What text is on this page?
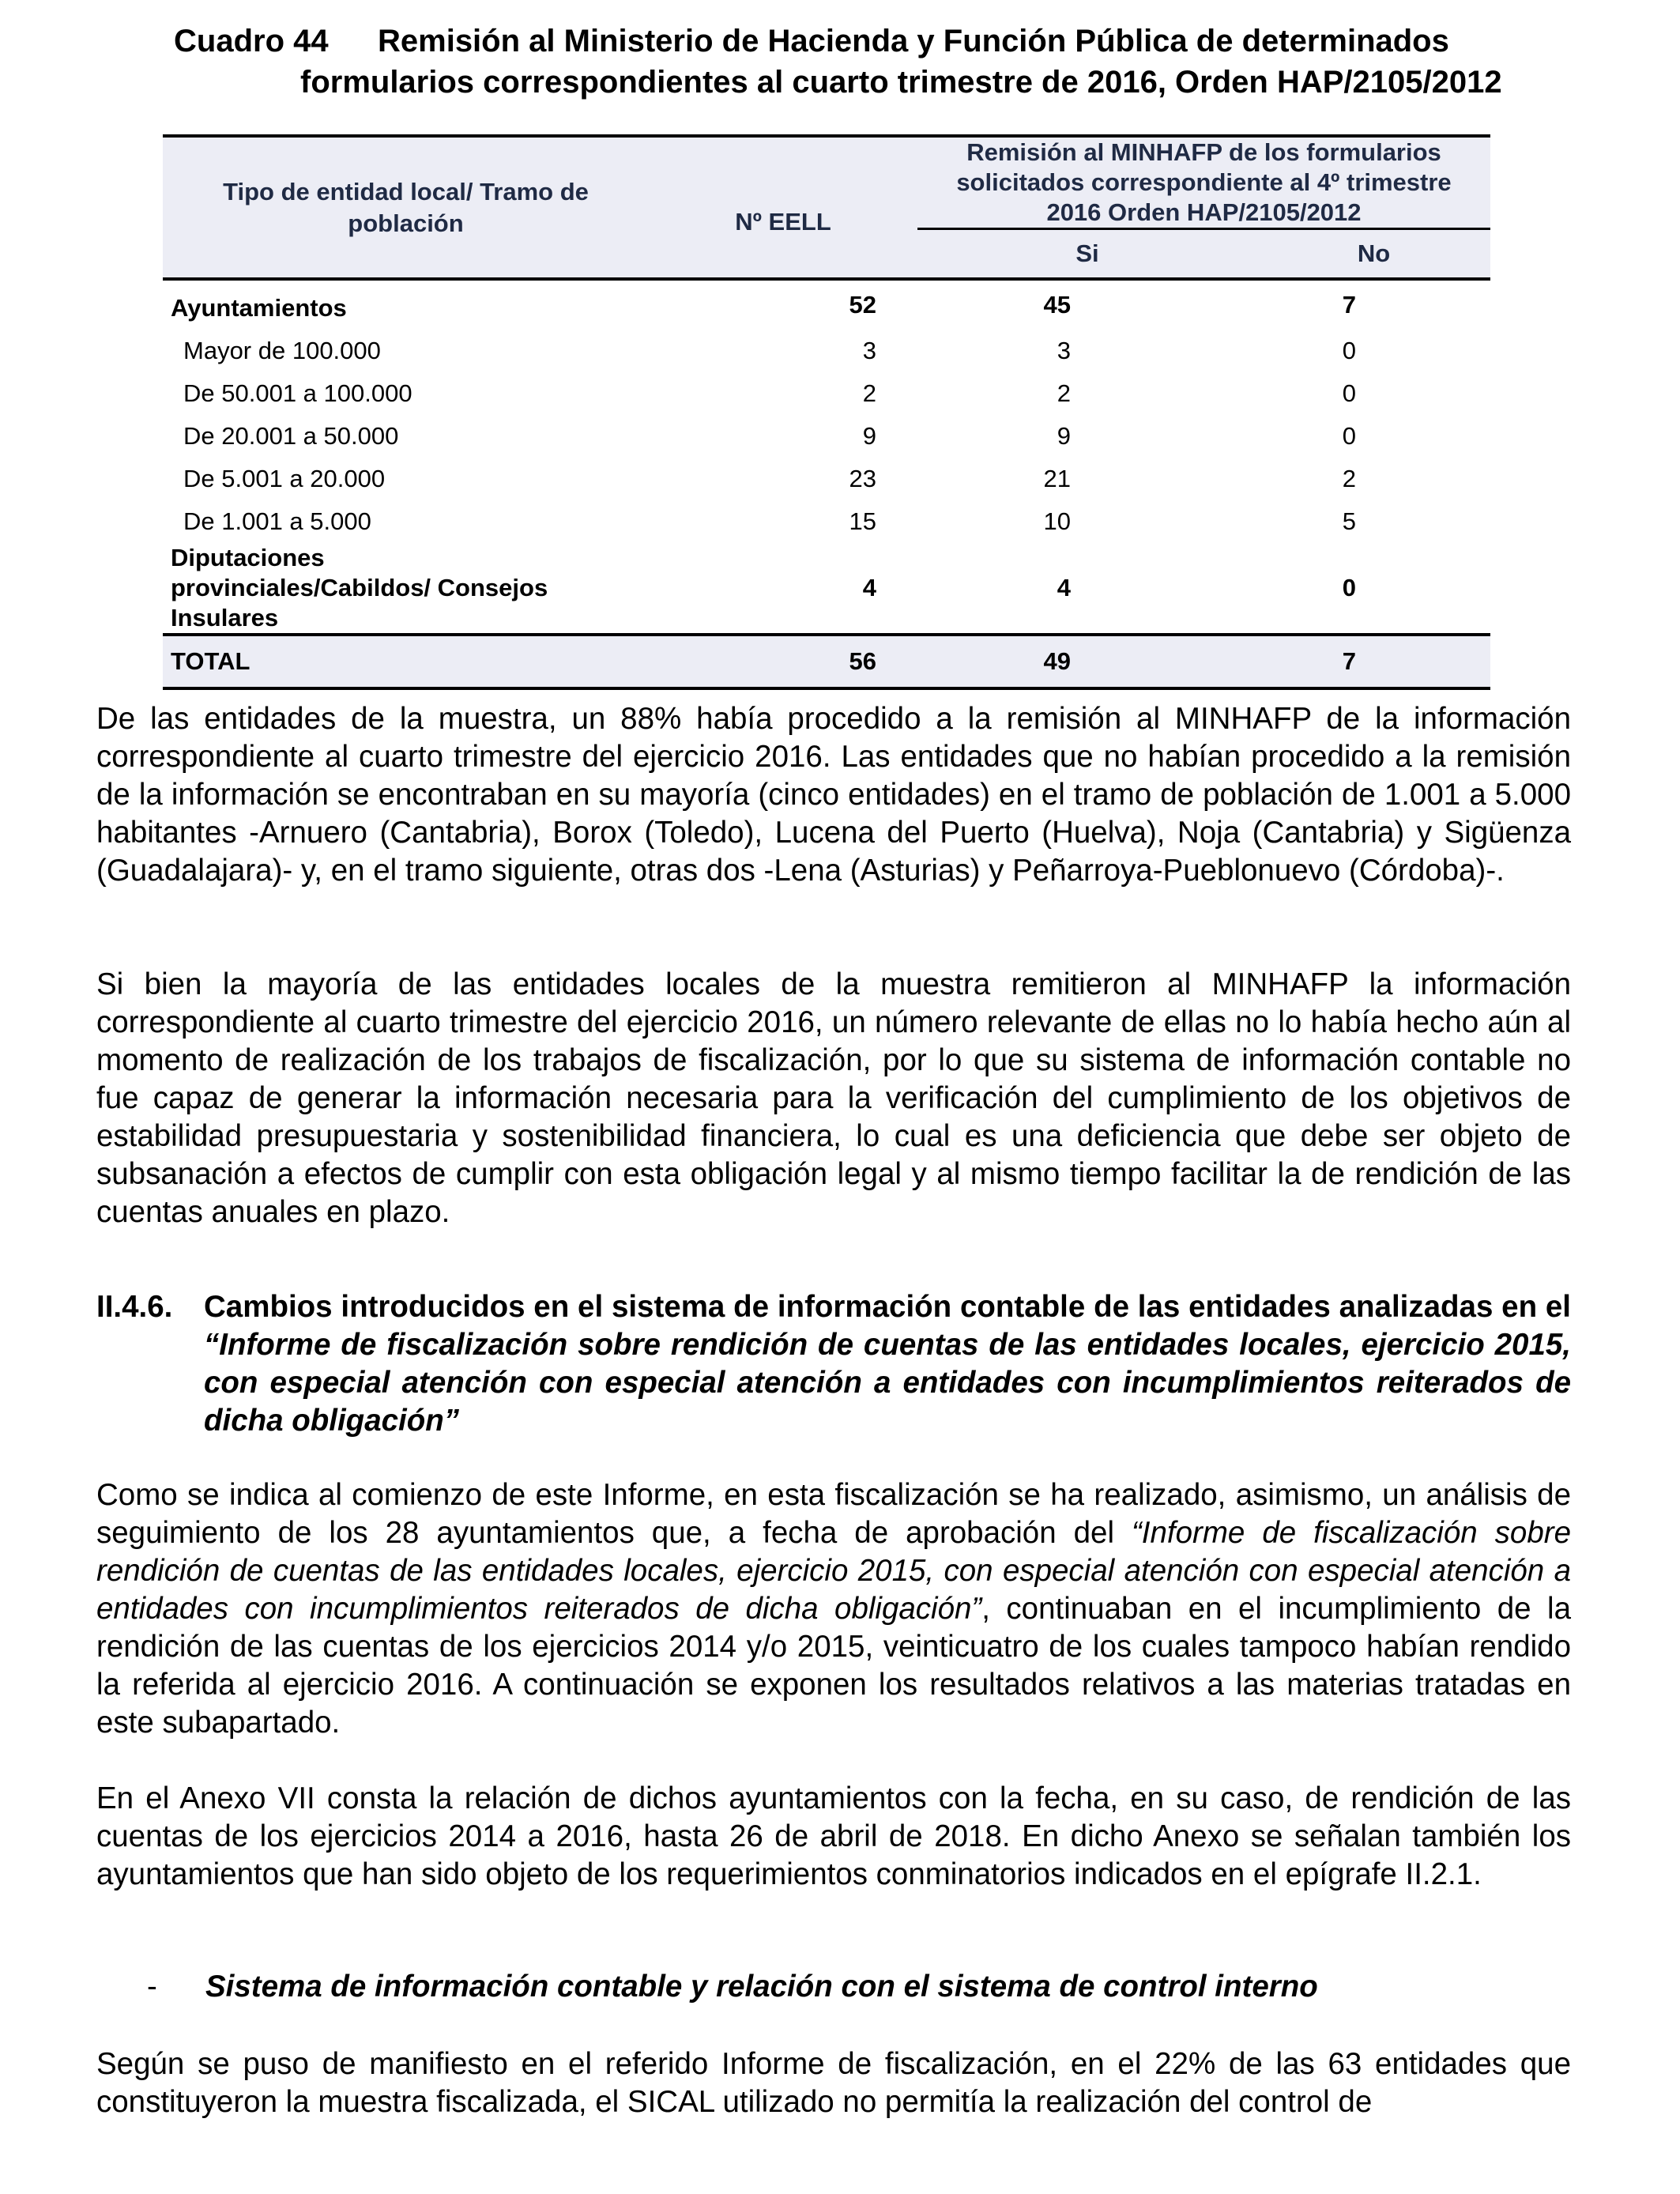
Cuadro 44 Remisión al Ministerio de Hacienda y Función Pública de determinados
formularios correspondientes al cuarto trimestre de 2016, Orden HAP/2105/2012
Tipo de entidad local/ Tramo de población	Nº EELL	Remisión al MINHAFP de los formularios solicitados correspondiente al 4º trimestre 2016 Orden HAP/2105/2012	
		Si	No
Ayuntamientos	52	45	7
Mayor de 100.000	3	3	0
De 50.001 a 100.000	2	2	0
De 20.001 a 50.000	9	9	0
De 5.001 a 20.000	23	21	2
De 1.001 a 5.000	15	10	5
Diputaciones provinciales/Cabildos/ Consejos Insulares	4	4	0
TOTAL	56	49	7

De las entidades de la muestra, un 88% había procedido a la remisión al MINHAFP de la información correspondiente al cuarto trimestre del ejercicio 2016. Las entidades que no habían procedido a la remisión de la información se encontraban en su mayoría (cinco entidades) en el tramo de población de 1.001 a 5.000 habitantes -Arnuero (Cantabria), Borox (Toledo), Lucena del Puerto (Huelva), Noja (Cantabria) y Sigüenza (Guadalajara)- y, en el tramo siguiente, otras dos -Lena (Asturias) y Peñarroya-Pueblonuevo (Córdoba)-.

Si bien la mayoría de las entidades locales de la muestra remitieron al MINHAFP la información correspondiente al cuarto trimestre del ejercicio 2016, un número relevante de ellas no lo había hecho aún al momento de realización de los trabajos de fiscalización, por lo que su sistema de información contable no fue capaz de generar la información necesaria para la verificación del cumplimiento de los objetivos de estabilidad presupuestaria y sostenibilidad financiera, lo cual es una deficiencia que debe ser objeto de subsanación a efectos de cumplir con esta obligación legal y al mismo tiempo facilitar la de rendición de las cuentas anuales en plazo.

II.4.6. Cambios introducidos en el sistema de información contable de las entidades analizadas en el “Informe de fiscalización sobre rendición de cuentas de las entidades locales, ejercicio 2015, con especial atención con especial atención a entidades con incumplimientos reiterados de dicha obligación”

Como se indica al comienzo de este Informe, en esta fiscalización se ha realizado, asimismo, un análisis de seguimiento de los 28 ayuntamientos que, a fecha de aprobación del “Informe de fiscalización sobre rendición de cuentas de las entidades locales, ejercicio 2015, con especial atención con especial atención a entidades con incumplimientos reiterados de dicha obligación”, continuaban en el incumplimiento de la rendición de las cuentas de los ejercicios 2014 y/o 2015, veinticuatro de los cuales tampoco habían rendido la referida al ejercicio 2016. A continuación se exponen los resultados relativos a las materias tratadas en este subapartado.

En el Anexo VII consta la relación de dichos ayuntamientos con la fecha, en su caso, de rendición de las cuentas de los ejercicios 2014 a 2016, hasta 26 de abril de 2018. En dicho Anexo se señalan también los ayuntamientos que han sido objeto de los requerimientos conminatorios indicados en el epígrafe II.2.1.

- Sistema de información contable y relación con el sistema de control interno

Según se puso de manifiesto en el referido Informe de fiscalización, en el 22% de las 63 entidades que constituyeron la muestra fiscalizada, el SICAL utilizado no permitía la realización del control de
